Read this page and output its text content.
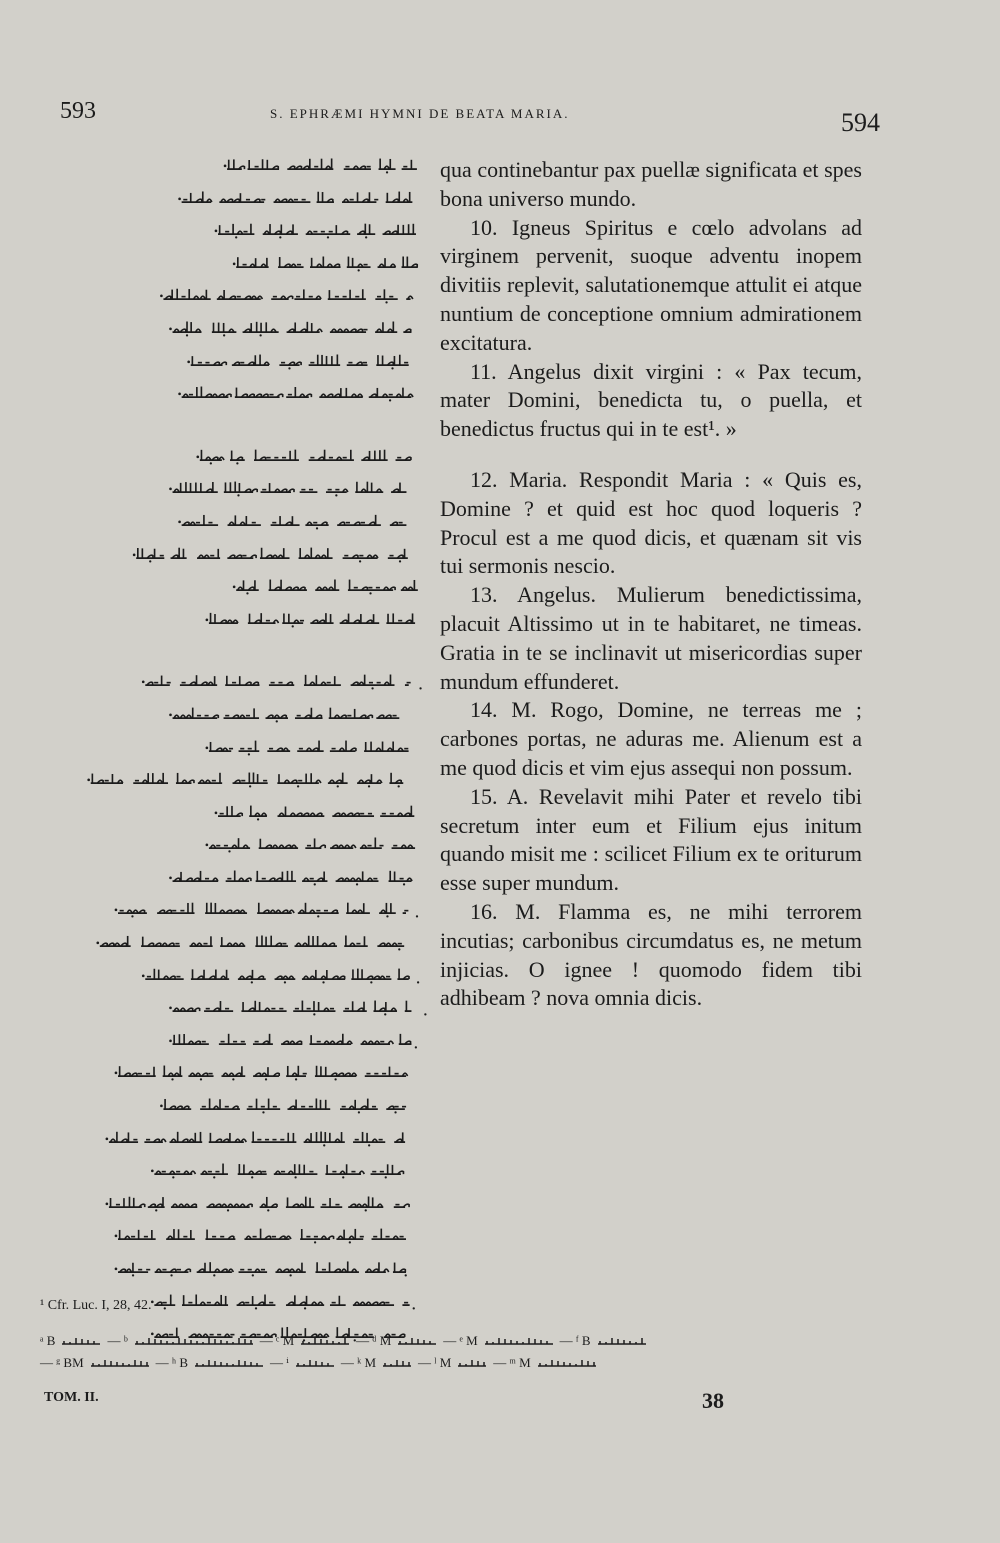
593	S. EPHRÆMI HYMNI DE BEATA MARIA.	594

qua continebantur pax puellæ significata et spes bona universo mundo.

10. Igneus Spiritus e cœlo advolans ad virginem pervenit, suoque adventu inopem divitiis replevit, salutationemque attulit ei atque nuntium de conceptione omnium admirationem excitatura.

11. Angelus dixit virgini : « Pax tecum, mater Domini, benedicta tu, o puella, et benedictus fructus qui in te est¹. »

12. Maria. Respondit Maria : « Quis es, Domine ? et quid est hoc quod loqueris ? Procul est a me quod dicis, et quænam sit vis tui sermonis nescio.

13. Angelus. Mulierum benedictissima, placuit Altissimo ut in te habitaret, ne timeas. Gratia in te se inclinavit ut misericordias super mundum effunderet.

14. M. Rogo, Domine, ne terreas me ; carbones portas, ne aduras me. Alienum est a me quod dicis et vim ejus assequi non possum.

15. A. Revelavit mihi Pater et revelo tibi secretum inter eum et Filium ejus initum quando misit me : scilicet Filium ex te oriturum esse super mundum.

16. M. Flamma es, ne mihi terrorem incutias; carbonibus circumdatus es, ne metum injicias. O ignee ! quomodo fidem tibi adhibeam ? nova omnia dicis.

¹ Cfr. Luc. I, 28, 42.
ᵃ B	— ᵇ	— ᶜ M	— ᵈ M	— ᵉ M	— ᶠ B
— ᵍ BM	— ʰ B	— ⁱ	— ᵏ M	— ˡ M	— ᵐ M
TOM. II.	38
